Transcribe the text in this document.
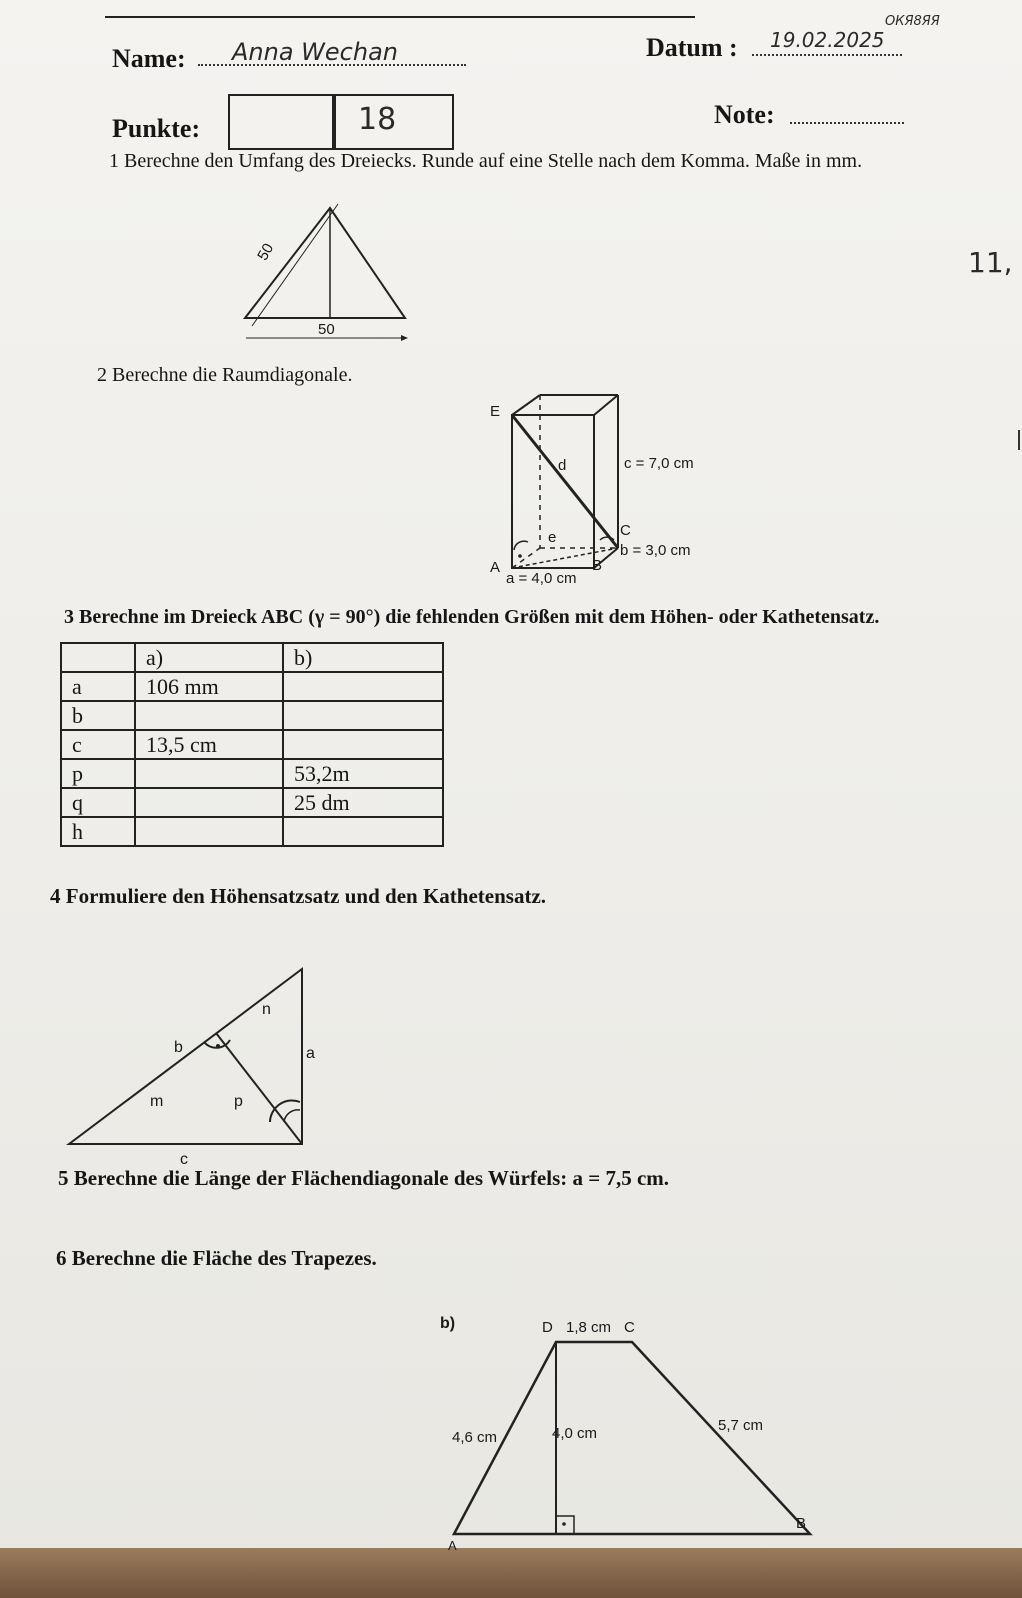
ОКЯ8ЯЯ
Name: Anna Wechan	Datum : 19.02.2025
Punkte:	18	Note:
1 Berechne den Umfang des Dreiecks. Runde auf eine Stelle nach dem Komma. Maße in mm.
50
50
11,
2 Berechne die Raumdiagonale.
E
d
e
A	B
C
a = 4,0 cm
b = 3,0 cm
c = 7,0 cm
3 Berechne im Dreieck ABC (γ = 90°) die fehlenden Größen mit dem Höhen- oder Kathetensatz.
	a)	b)
a	106 mm	
b		
c	13,5 cm	
p		53,2m
q		25 dm
h		
4 Formuliere den Höhensatzsatz und den Kathetensatz.
n
b	a
m	p
c
5 Berechne die Länge der Flächendiagonale des Würfels: a = 7,5 cm.
6 Berechne die Fläche des Trapezes.
b)	D 1,8 cm C
4,6 cm	4,0 cm	5,7 cm
A
B
